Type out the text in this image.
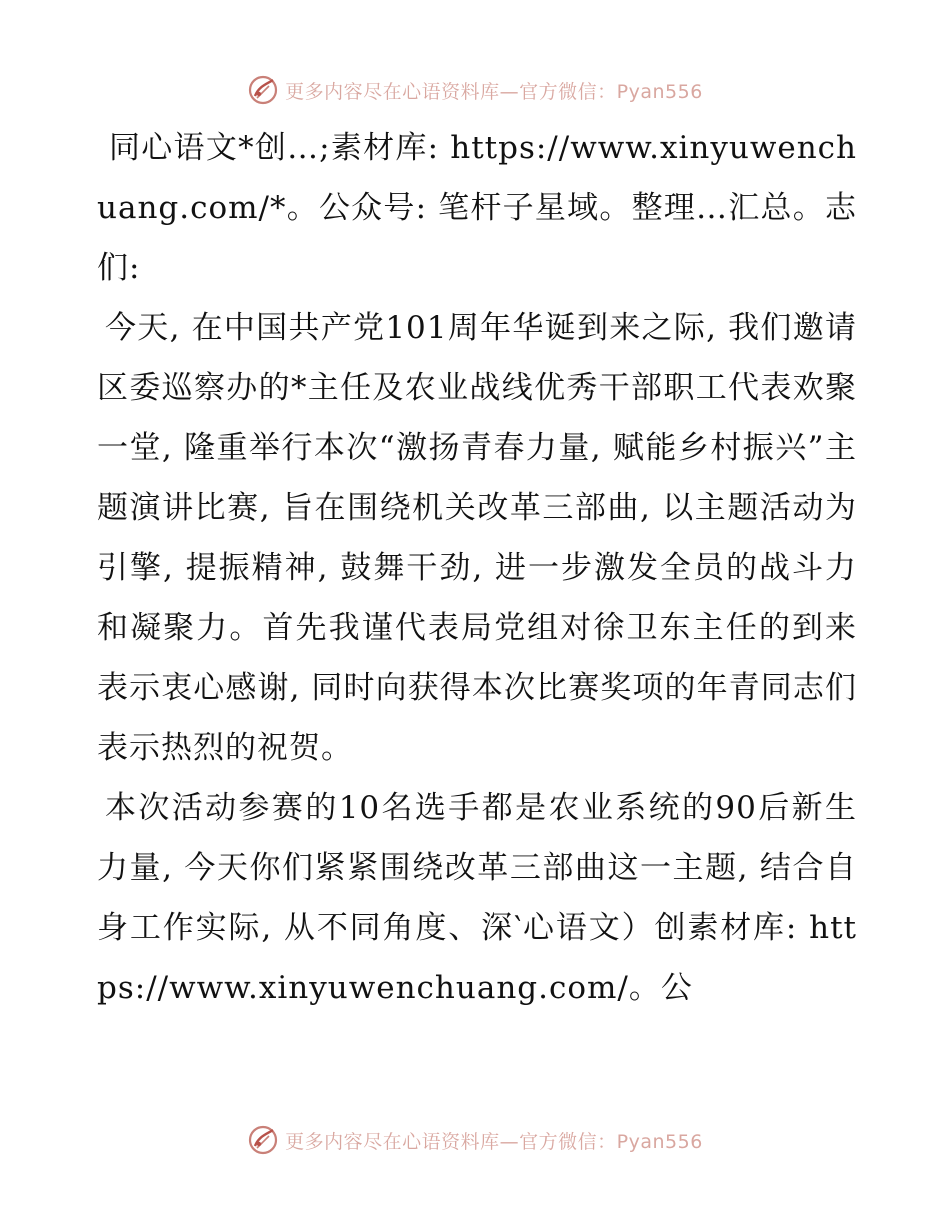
更多内容尽在心语资料库—官方微信：Pyan556

同心语文*创…;素材库: https://www.xinyuwenchuang.com/*。公众号: 笔杆子星域。整理…汇总。志们:

今天, 在中国共产党101周年华诞到来之际, 我们邀请区委巡察办的*主任及农业战线优秀干部职工代表欢聚一堂, 隆重举行本次“激扬青春力量, 赋能乡村振兴”主题演讲比赛, 旨在围绕机关改革三部曲, 以主题活动为引擎, 提振精神, 鼓舞干劲, 进一步激发全员的战斗力和凝聚力。首先我谨代表局党组对徐卫东主任的到来表示衷心感谢, 同时向获得本次比赛奖项的年青同志们表示热烈的祝贺。

本次活动参赛的10名选手都是农业系统的90后新生力量, 今天你们紧紧围绕改革三部曲这一主题, 结合自身工作实际, 从不同角度、深‵心语文）创素材库: https://www.xinyuwenchuang.com/。公

更多内容尽在心语资料库—官方微信：Pyan556
